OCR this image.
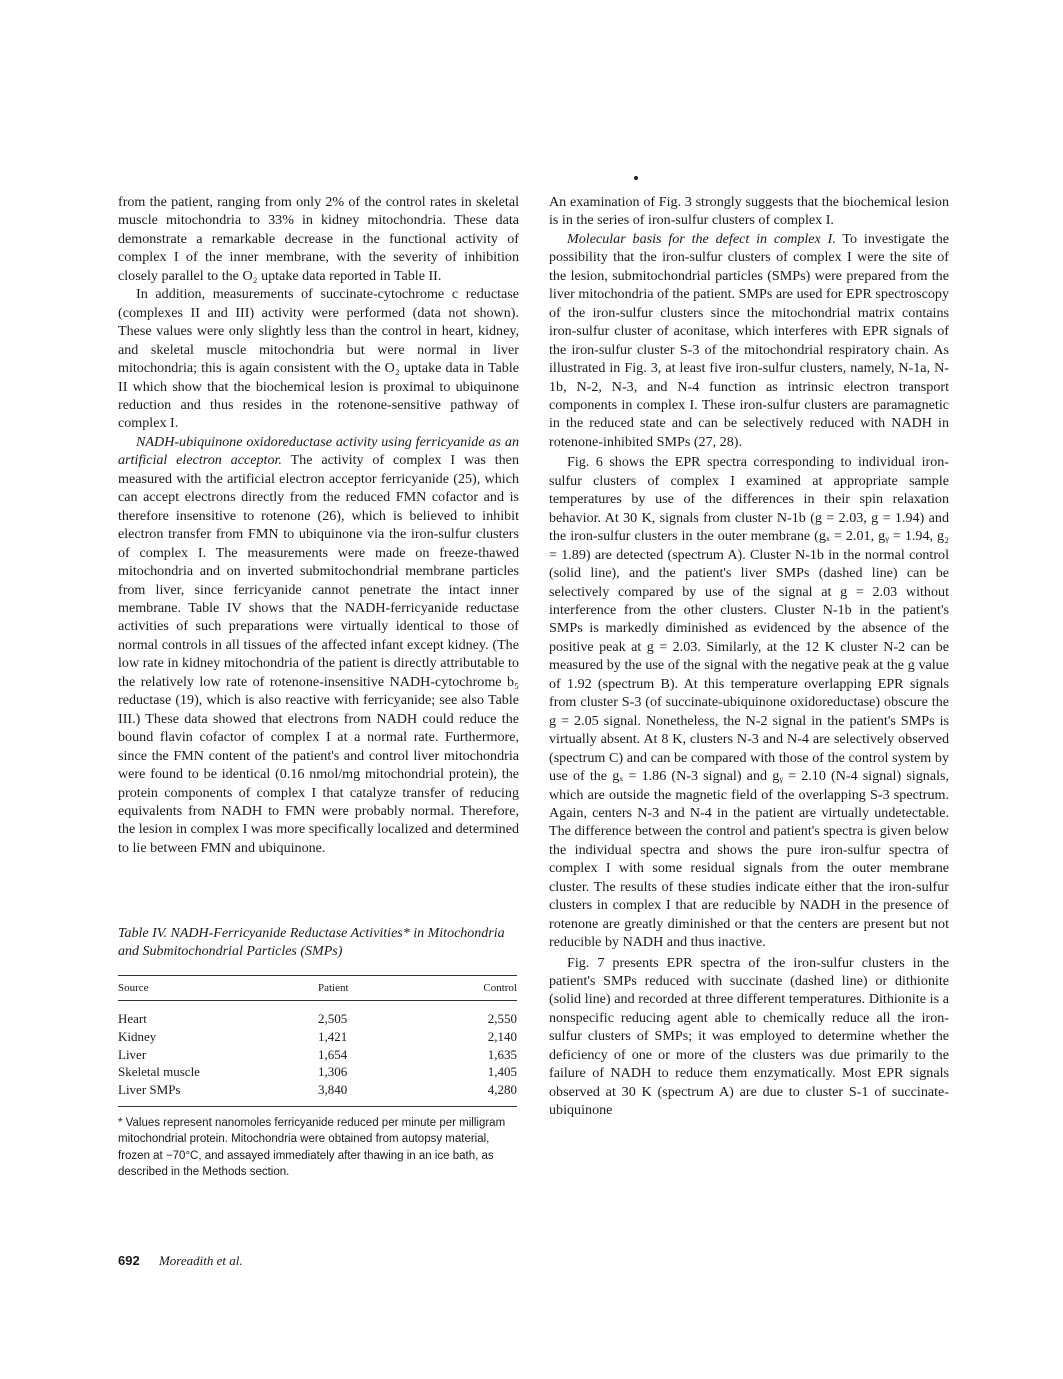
from the patient, ranging from only 2% of the control rates in skeletal muscle mitochondria to 33% in kidney mitochondria. These data demonstrate a remarkable decrease in the functional activity of complex I of the inner membrane, with the severity of inhibition closely parallel to the O₂ uptake data reported in Table II.

In addition, measurements of succinate-cytochrome c reductase (complexes II and III) activity were performed (data not shown). These values were only slightly less than the control in heart, kidney, and skeletal muscle mitochondria but were normal in liver mitochondria; this is again consistent with the O₂ uptake data in Table II which show that the biochemical lesion is proximal to ubiquinone reduction and thus resides in the rotenone-sensitive pathway of complex I.

NADH-ubiquinone oxidoreductase activity using ferricyanide as an artificial electron acceptor. The activity of complex I was then measured with the artificial electron acceptor ferricyanide (25), which can accept electrons directly from the reduced FMN cofactor and is therefore insensitive to rotenone (26), which is believed to inhibit electron transfer from FMN to ubiquinone via the iron-sulfur clusters of complex I. The measurements were made on freeze-thawed mitochondria and on inverted submitochondrial membrane particles from liver, since ferricyanide cannot penetrate the intact inner membrane. Table IV shows that the NADH-ferricyanide reductase activities of such preparations were virtually identical to those of normal controls in all tissues of the affected infant except kidney. (The low rate in kidney mitochondria of the patient is directly attributable to the relatively low rate of rotenone-insensitive NADH-cytochrome b₅ reductase (19), which is also reactive with ferricyanide; see also Table III.) These data showed that electrons from NADH could reduce the bound flavin cofactor of complex I at a normal rate. Furthermore, since the FMN content of the patient's and control liver mitochondria were found to be identical (0.16 nmol/mg mitochondrial protein), the protein components of complex I that catalyze transfer of reducing equivalents from NADH to FMN were probably normal. Therefore, the lesion in complex I was more specifically localized and determined to lie between FMN and ubiquinone.

Table IV. NADH-Ferricyanide Reductase Activities* in Mitochondria and Submitochondrial Particles (SMPs)

Source	Patient	Control
Heart	2,505	2,550
Kidney	1,421	2,140
Liver	1,654	1,635
Skeletal muscle	1,306	1,405
Liver SMPs	3,840	4,280

* Values represent nanomoles ferricyanide reduced per minute per milligram mitochondrial protein. Mitochondria were obtained from autopsy material, frozen at −70°C, and assayed immediately after thawing in an ice bath, as described in the Methods section.

An examination of Fig. 3 strongly suggests that the biochemical lesion is in the series of iron-sulfur clusters of complex I.

Molecular basis for the defect in complex I. To investigate the possibility that the iron-sulfur clusters of complex I were the site of the lesion, submitochondrial particles (SMPs) were prepared from the liver mitochondria of the patient. SMPs are used for EPR spectroscopy of the iron-sulfur clusters since the mitochondrial matrix contains iron-sulfur cluster of aconitase, which interferes with EPR signals of the iron-sulfur cluster S-3 of the mitochondrial respiratory chain. As illustrated in Fig. 3, at least five iron-sulfur clusters, namely, N-1a, N-1b, N-2, N-3, and N-4 function as intrinsic electron transport components in complex I. These iron-sulfur clusters are paramagnetic in the reduced state and can be selectively reduced with NADH in rotenone-inhibited SMPs (27, 28).

Fig. 6 shows the EPR spectra corresponding to individual iron-sulfur clusters of complex I examined at appropriate sample temperatures by use of the differences in their spin relaxation behavior. At 30 K, signals from cluster N-1b (g = 2.03, g = 1.94) and the iron-sulfur clusters in the outer membrane (gₓ = 2.01, gᵧ = 1.94, g₂ = 1.89) are detected (spectrum A). Cluster N-1b in the normal control (solid line), and the patient's liver SMPs (dashed line) can be selectively compared by use of the signal at g = 2.03 without interference from the other clusters. Cluster N-1b in the patient's SMPs is markedly diminished as evidenced by the absence of the positive peak at g = 2.03. Similarly, at the 12 K cluster N-2 can be measured by the use of the signal with the negative peak at the g value of 1.92 (spectrum B). At this temperature overlapping EPR signals from cluster S-3 (of succinate-ubiquinone oxidoreductase) obscure the g = 2.05 signal. Nonetheless, the N-2 signal in the patient's SMPs is virtually absent. At 8 K, clusters N-3 and N-4 are selectively observed (spectrum C) and can be compared with those of the control system by use of the gₓ = 1.86 (N-3 signal) and gᵧ = 2.10 (N-4 signal) signals, which are outside the magnetic field of the overlapping S-3 spectrum. Again, centers N-3 and N-4 in the patient are virtually undetectable. The difference between the control and patient's spectra is given below the individual spectra and shows the pure iron-sulfur spectra of complex I with some residual signals from the outer membrane cluster. The results of these studies indicate either that the iron-sulfur clusters in complex I that are reducible by NADH in the presence of rotenone are greatly diminished or that the centers are present but not reducible by NADH and thus inactive.

Fig. 7 presents EPR spectra of the iron-sulfur clusters in the patient's SMPs reduced with succinate (dashed line) or dithionite (solid line) and recorded at three different temperatures. Dithionite is a nonspecific reducing agent able to chemically reduce all the iron-sulfur clusters of SMPs; it was employed to determine whether the deficiency of one or more of the clusters was due primarily to the failure of NADH to reduce them enzymatically. Most EPR signals observed at 30 K (spectrum A) are due to cluster S-1 of succinate-ubiquinone

692 Moreadith et al.
